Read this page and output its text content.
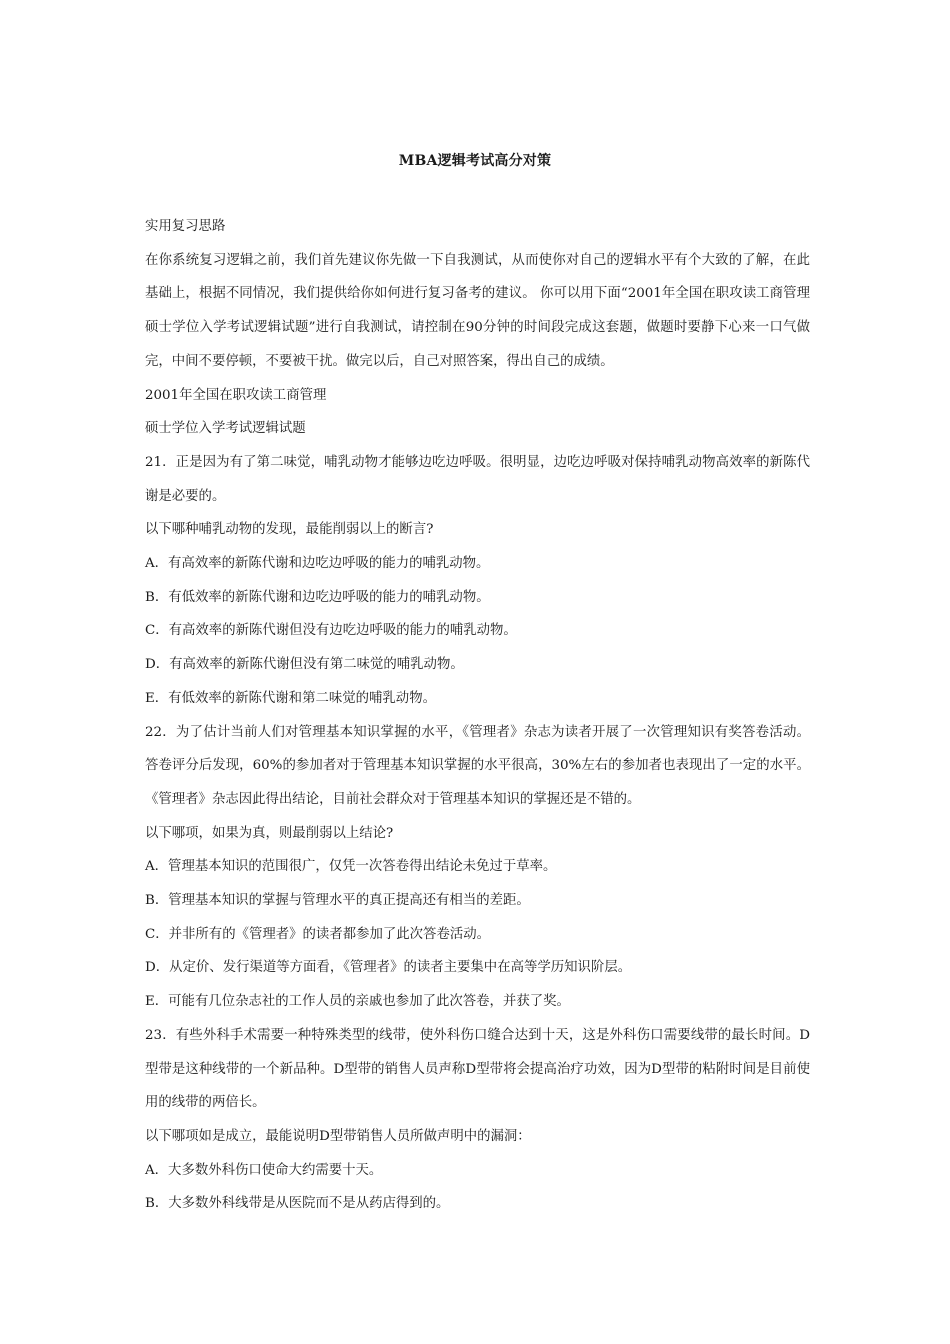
MBA逻辑考试高分对策

实用复习思路

在你系统复习逻辑之前，我们首先建议你先做一下自我测试，从而使你对自己的逻辑水平有个大致的了解，在此基础上，根据不同情况，我们提供给你如何进行复习备考的建议。 你可以用下面“2001年全国在职攻读工商管理硕士学位入学考试逻辑试题”进行自我测试，请控制在90分钟的时间段完成这套题，做题时要静下心来一口气做完，中间不要停顿，不要被干扰。做完以后，自己对照答案，得出自己的成绩。

2001年全国在职攻读工商管理

硕士学位入学考试逻辑试题

21．正是因为有了第二味觉，哺乳动物才能够边吃边呼吸。很明显，边吃边呼吸对保持哺乳动物高效率的新陈代谢是必要的。

以下哪种哺乳动物的发现，最能削弱以上的断言?

A．有高效率的新陈代谢和边吃边呼吸的能力的哺乳动物。

B．有低效率的新陈代谢和边吃边呼吸的能力的哺乳动物。

C．有高效率的新陈代谢但没有边吃边呼吸的能力的哺乳动物。

D．有高效率的新陈代谢但没有第二味觉的哺乳动物。

E．有低效率的新陈代谢和第二味觉的哺乳动物。

22．为了估计当前人们对管理基本知识掌握的水平，《管理者》杂志为读者开展了一次管理知识有奖答卷活动。答卷评分后发现，60%的参加者对于管理基本知识掌握的水平很高，30%左右的参加者也表现出了一定的水平。《管理者》杂志因此得出结论，目前社会群众对于管理基本知识的掌握还是不错的。

以下哪项，如果为真，则最削弱以上结论?

A．管理基本知识的范围很广，仅凭一次答卷得出结论未免过于草率。

B．管理基本知识的掌握与管理水平的真正提高还有相当的差距。

C．并非所有的《管理者》的读者都参加了此次答卷活动。

D．从定价、发行渠道等方面看，《管理者》的读者主要集中在高等学历知识阶层。

E．可能有几位杂志社的工作人员的亲戚也参加了此次答卷，并获了奖。

23．有些外科手术需要一种特殊类型的线带，使外科伤口缝合达到十天，这是外科伤口需要线带的最长时间。D型带是这种线带的一个新品种。D型带的销售人员声称D型带将会提高治疗功效，因为D型带的粘附时间是目前使用的线带的两倍长。

以下哪项如是成立，最能说明D型带销售人员所做声明中的漏洞：

A．大多数外科伤口使命大约需要十天。

B．大多数外科线带是从医院而不是从药店得到的。
